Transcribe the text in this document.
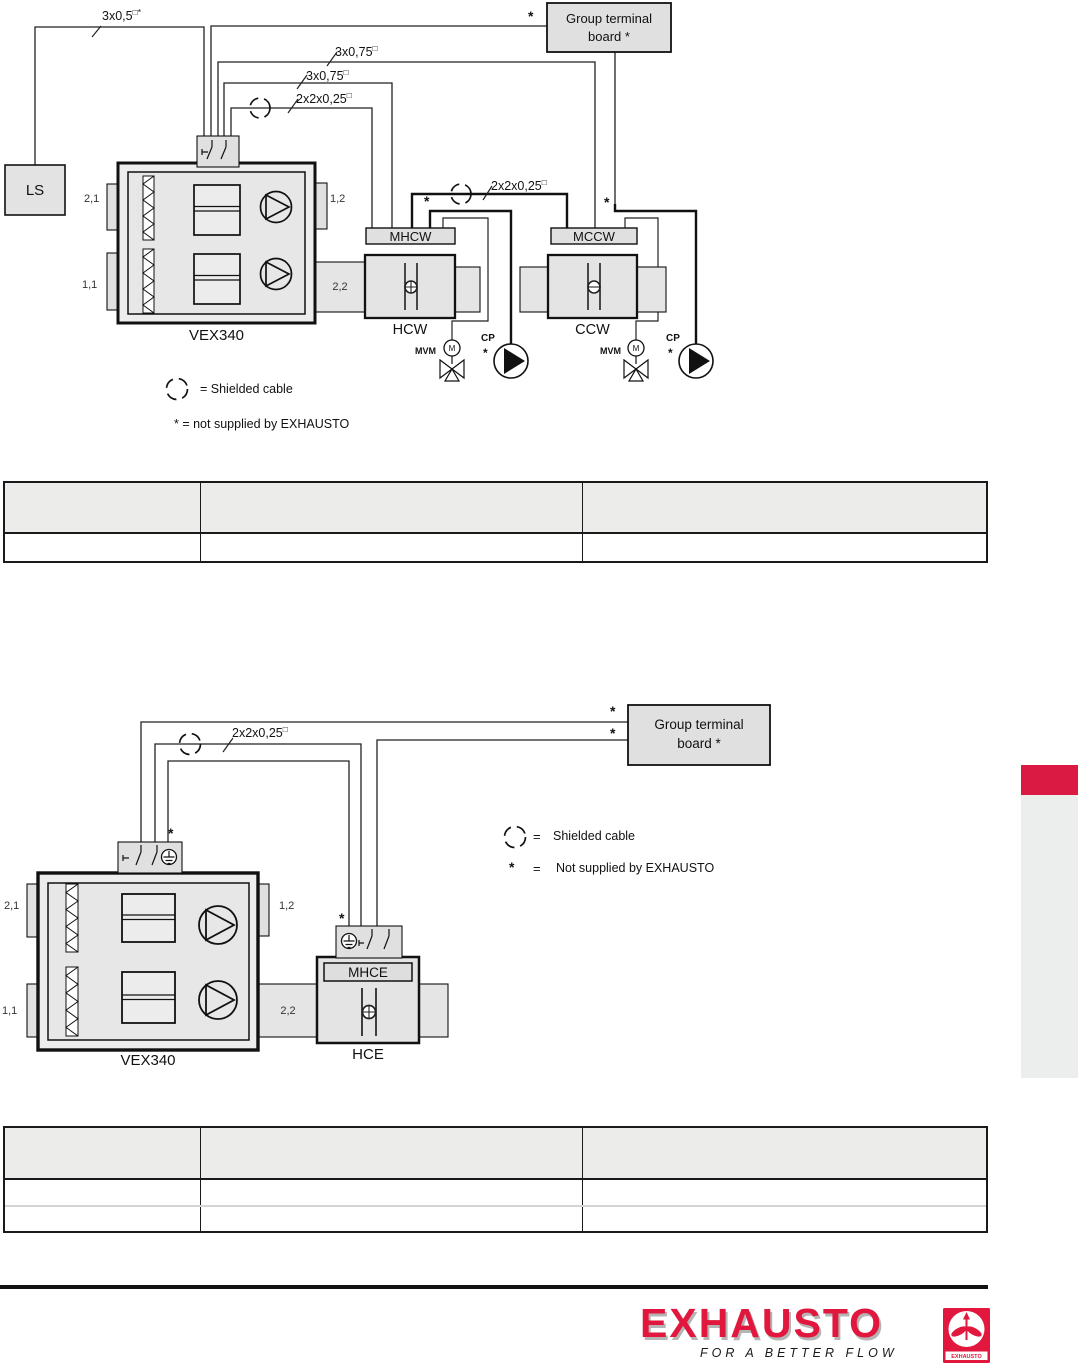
LS
Group terminal
board *
3x0,5□*
3x0,75□
3x0,75□
2x2x0,25□
2x2x0,25□
*
*	*
MHCW	MCCW
VEX340	HCW	CCW
2,1
1,1
1,2
2,2
MVM	MVM
CP	CP
*	*
M	M
= Shielded cable
* = not supplied by EXHAUSTO
Group terminal
board *
2x2x0,25□
*
*
*
*
MHCE
VEX340	HCE
2,1
1,1
1,2
2,2
= Shielded cable
* = Not supplied by EXHAUSTO
EXHAUSTO
FOR A BETTER FLOW	EXHAUSTO
